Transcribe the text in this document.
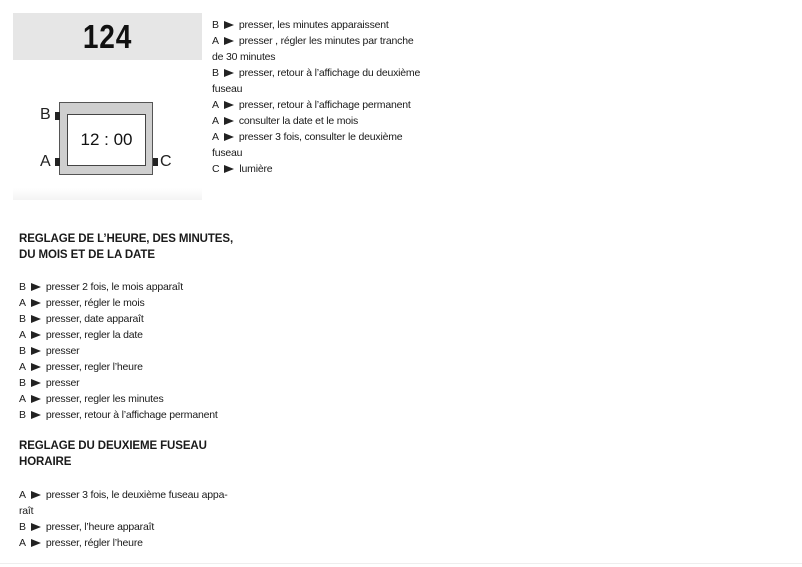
124
12 : 00
B
A	C
B presser, les minutes apparaissent
A presser , régler les minutes par tranche
de 30 minutes
B presser, retour à l’affichage du deuxième
fuseau
A presser, retour à l’affichage permanent
A consulter la date et le mois
A presser 3 fois, consulter le deuxième
fuseau
C lumière
REGLAGE DE L’HEURE, DES MINUTES,
DU MOIS ET DE LA DATE
B presser 2 fois, le mois apparaît
A presser, régler le mois
B presser, date apparaît
A presser, regler la date
B presser
A presser, regler l’heure
B presser
A presser, regler les minutes
B presser, retour à l’affichage permanent
REGLAGE DU DEUXIEME FUSEAU
HORAIRE
A presser 3 fois, le deuxième fuseau appa-
raît
B presser, l’heure apparaît
A presser, régler l’heure
